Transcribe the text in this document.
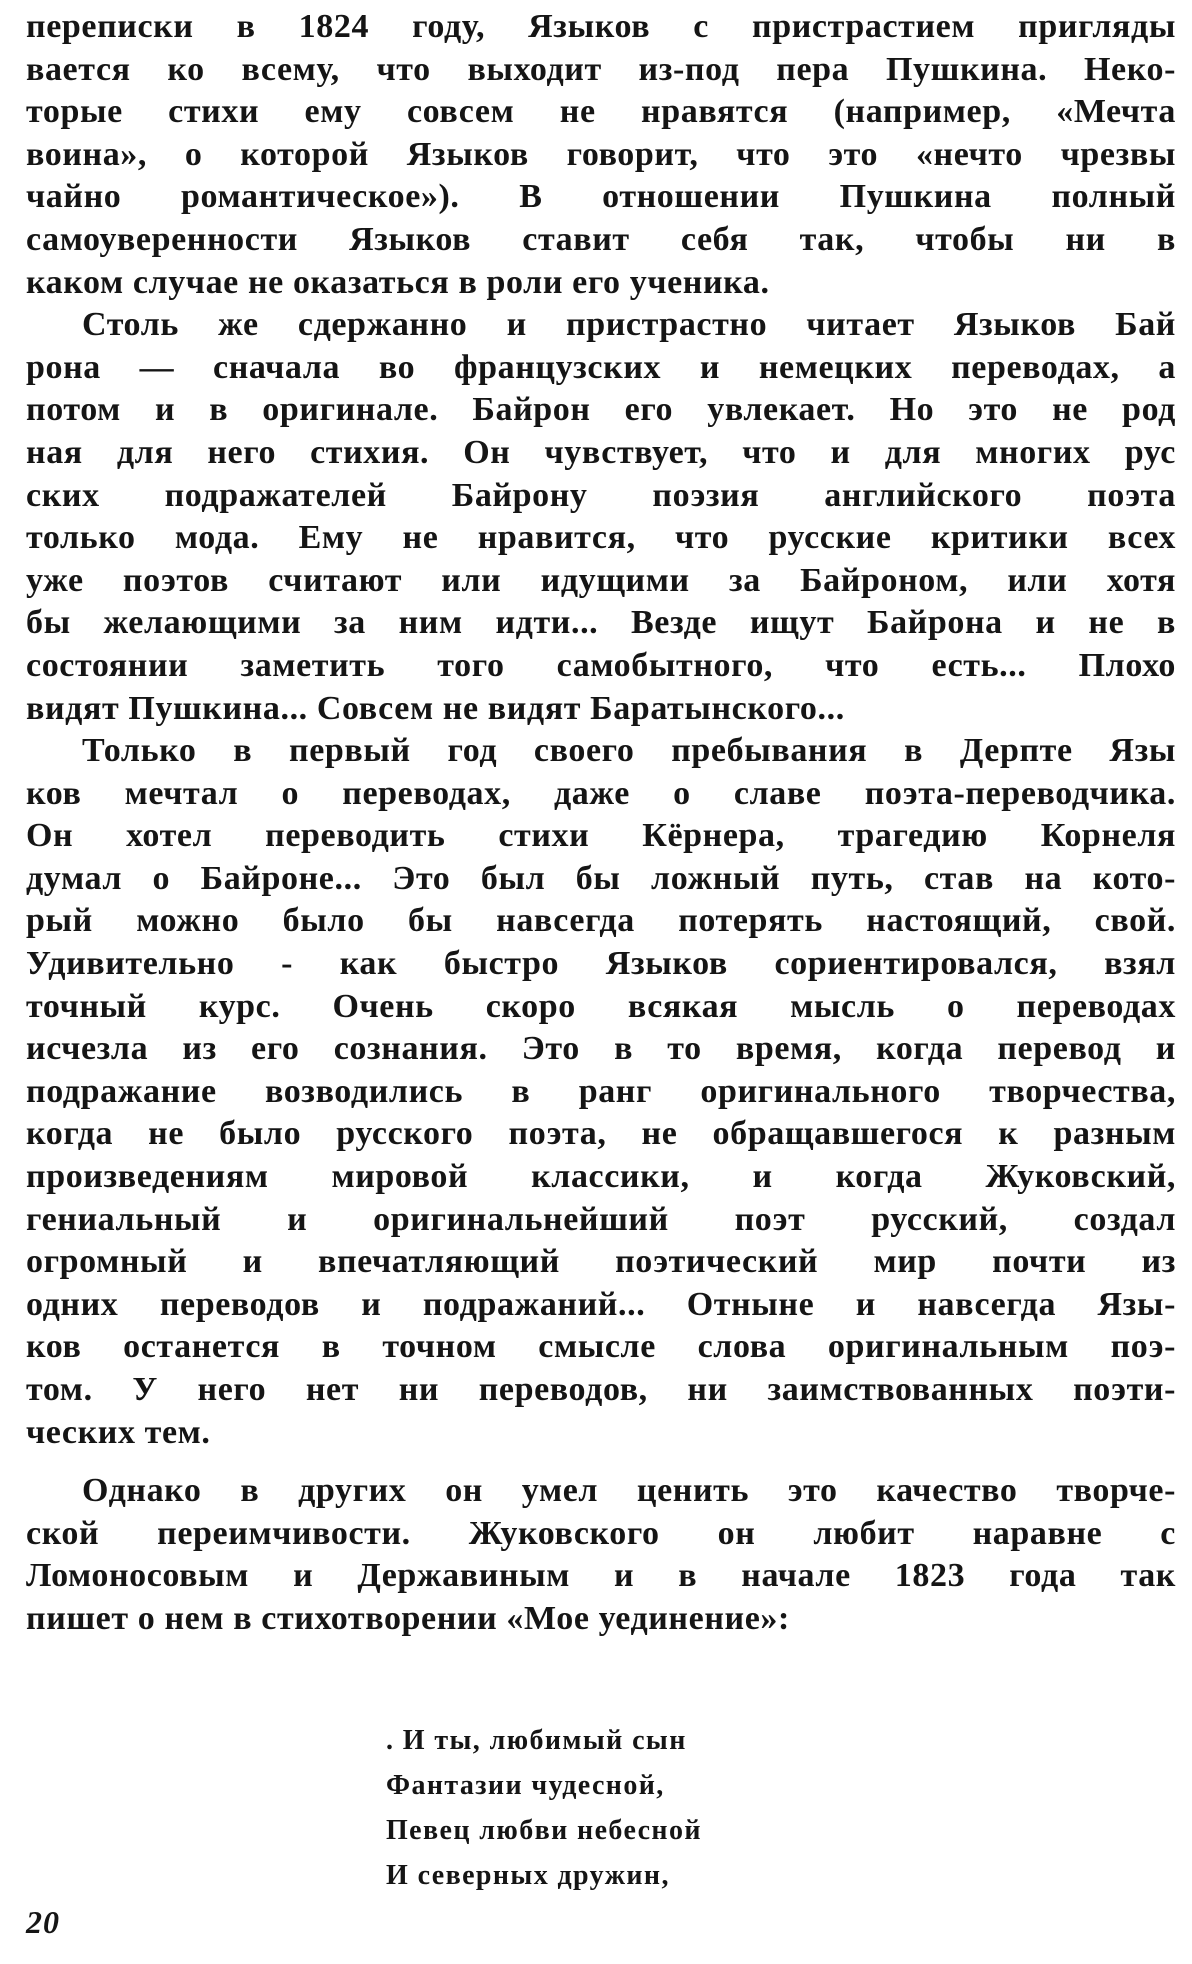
переписки в 1824 году, Языков с пристрастием пригляды
вается ко всему, что выходит из-под пера Пушкина. Неко-
торые стихи ему совсем не нравятся (например, «Мечта
воина», о которой Языков говорит, что это «нечто чрезвы
чайно романтическое»). В отношении Пушкина полный
самоуверенности Языков ставит себя так, чтобы ни в
каком случае не оказаться в роли его ученика.
Столь же сдержанно и пристрастно читает Языков Бай
рона — сначала во французских и немецких переводах, а
потом и в оригинале. Байрон его увлекает. Но это не род
ная для него стихия. Он чувствует, что и для многих рус
ских подражателей Байрону поэзия английского поэта
только мода. Ему не нравится, что русские критики всех
уже поэтов считают или идущими за Байроном, или хотя
бы желающими за ним идти... Везде ищут Байрона и не в
состоянии заметить того самобытного, что есть... Плохо
видят Пушкина... Совсем не видят Баратынского...
Только в первый год своего пребывания в Дерпте Язы
ков мечтал о переводах, даже о славе поэта-переводчика.
Он хотел переводить стихи Кёрнера, трагедию Корнеля
думал о Байроне... Это был бы ложный путь, став на кото-
рый можно было бы навсегда потерять настоящий, свой.
Удивительно - как быстро Языков сориентировался, взял
точный курс. Очень скоро всякая мысль о переводах
исчезла из его сознания. Это в то время, когда перевод и
подражание возводились в ранг оригинального творчества,
когда не было русского поэта, не обращавшегося к разным
произведениям мировой классики, и когда Жуковский,
гениальный и оригинальнейший поэт русский, создал
огромный и впечатляющий поэтический мир почти из
одних переводов и подражаний... Отныне и навсегда Язы-
ков останется в точном смысле слова оригинальным поэ-
том. У него нет ни переводов, ни заимствованных поэти-
ческих тем.
Однако в других он умел ценить это качество творче-
ской переимчивости. Жуковского он любит наравне с
Ломоносовым и Державиным и в начале 1823 года так
пишет о нем в стихотворении «Мое уединение»:
. И ты, любимый сын
Фантазии чудесной,
Певец любви небесной
И северных дружин,
20
